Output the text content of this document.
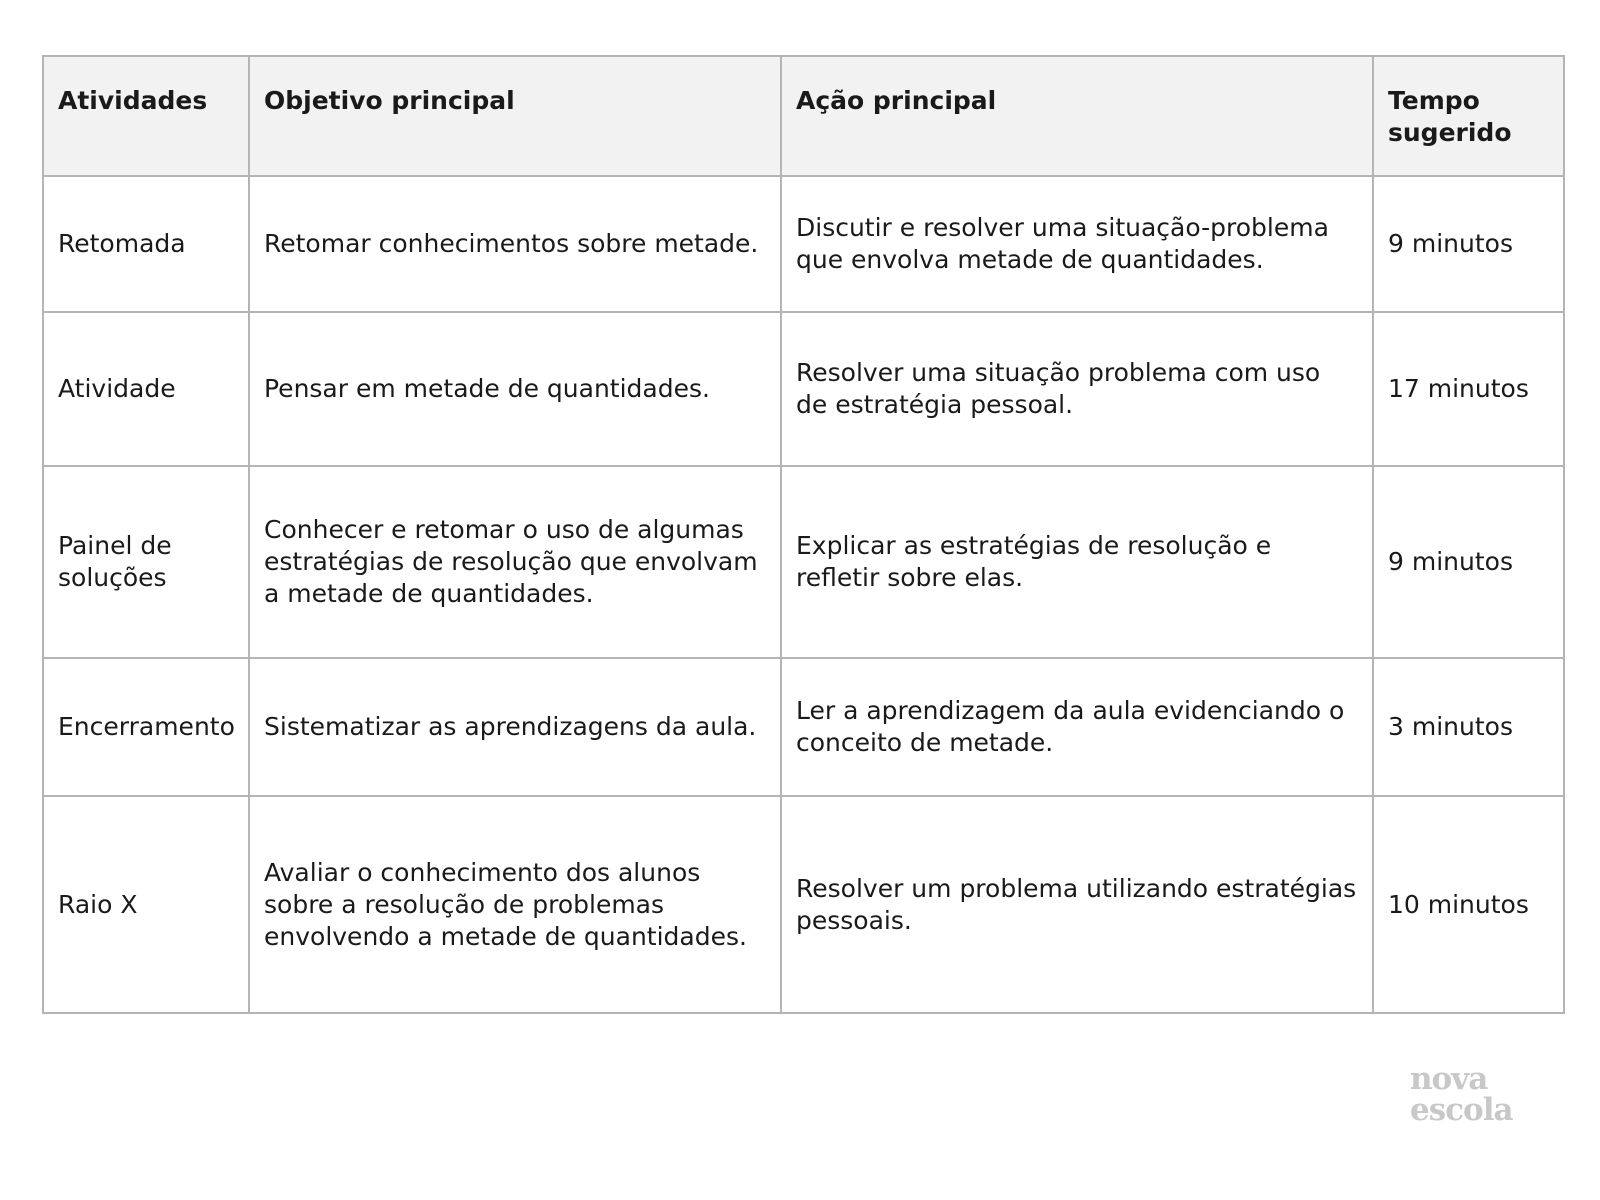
Atividades	Objetivo principal	Ação principal	Tempo sugerido
Retomada	Retomar conhecimentos sobre metade.	Discutir e resolver uma situação-problema que envolva metade de quantidades.	9 minutos
Atividade	Pensar em metade de quantidades.	Resolver uma situação problema com uso de estratégia pessoal.	17 minutos
Painel de soluções	Conhecer e retomar o uso de algumas estratégias de resolução que envolvam a metade de quantidades.	Explicar as estratégias de resolução e refletir sobre elas.	9 minutos
Encerramento	Sistematizar as aprendizagens da aula.	Ler a aprendizagem da aula evidenciando o conceito de metade.	3 minutos
Raio X	Avaliar o conhecimento dos alunos sobre a resolução de problemas envolvendo a metade de quantidades.	Resolver um problema utilizando estratégias pessoais.	10 minutos
nova
escola
